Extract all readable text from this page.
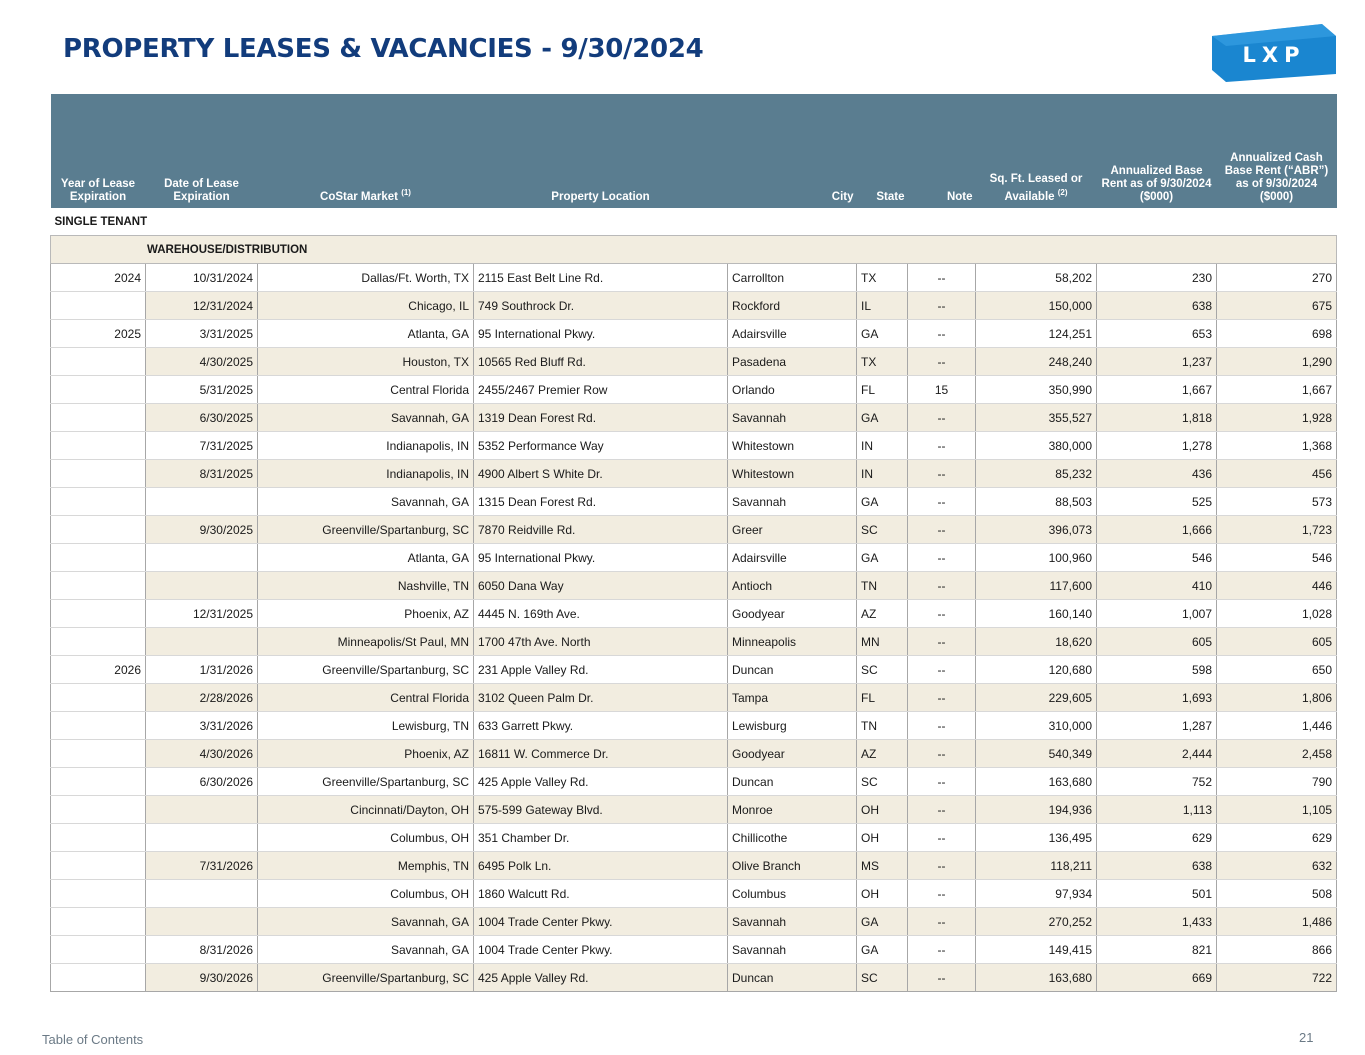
PROPERTY LEASES & VACANCIES - 9/30/2024	LXP
Year of Lease Expiration	Date of Lease Expiration	CoStar Market $^{(1)}$	Property Location	City	State	Note	Sq. Ft. Leased or Available $^{(2)}$	Annualized Base Rent as of 9/30/2024 ($000)	Annualized Cash Base Rent (“ABR”) as of 9/30/2024 ($000)
SINGLE TENANT									
WAREHOUSE/DISTRIBUTION									
2024	10/31/2024	Dallas/Ft. Worth, TX	2115 East Belt Line Rd.	Carrollton	TX	--	58,202	230	270
	12/31/2024	Chicago, IL	749 Southrock Dr.	Rockford	IL	--	150,000	638	675
2025	3/31/2025	Atlanta, GA	95 International Pkwy.	Adairsville	GA	--	124,251	653	698
	4/30/2025	Houston, TX	10565 Red Bluff Rd.	Pasadena	TX	--	248,240	1,237	1,290
	5/31/2025	Central Florida	2455/2467 Premier Row	Orlando	FL	15	350,990	1,667	1,667
	6/30/2025	Savannah, GA	1319 Dean Forest Rd.	Savannah	GA	--	355,527	1,818	1,928
	7/31/2025	Indianapolis, IN	5352 Performance Way	Whitestown	IN	--	380,000	1,278	1,368
	8/31/2025	Indianapolis, IN	4900 Albert S White Dr.	Whitestown	IN	--	85,232	436	456
		Savannah, GA	1315 Dean Forest Rd.	Savannah	GA	--	88,503	525	573
	9/30/2025	Greenville/Spartanburg, SC	7870 Reidville Rd.	Greer	SC	--	396,073	1,666	1,723
		Atlanta, GA	95 International Pkwy.	Adairsville	GA	--	100,960	546	546
		Nashville, TN	6050 Dana Way	Antioch	TN	--	117,600	410	446
	12/31/2025	Phoenix, AZ	4445 N. 169th Ave.	Goodyear	AZ	--	160,140	1,007	1,028
		Minneapolis/St Paul, MN	1700 47th Ave. North	Minneapolis	MN	--	18,620	605	605
2026	1/31/2026	Greenville/Spartanburg, SC	231 Apple Valley Rd.	Duncan	SC	--	120,680	598	650
	2/28/2026	Central Florida	3102 Queen Palm Dr.	Tampa	FL	--	229,605	1,693	1,806
	3/31/2026	Lewisburg, TN	633 Garrett Pkwy.	Lewisburg	TN	--	310,000	1,287	1,446
	4/30/2026	Phoenix, AZ	16811 W. Commerce Dr.	Goodyear	AZ	--	540,349	2,444	2,458
	6/30/2026	Greenville/Spartanburg, SC	425 Apple Valley Rd.	Duncan	SC	--	163,680	752	790
		Cincinnati/Dayton, OH	575-599 Gateway Blvd.	Monroe	OH	--	194,936	1,113	1,105
		Columbus, OH	351 Chamber Dr.	Chillicothe	OH	--	136,495	629	629
	7/31/2026	Memphis, TN	6495 Polk Ln.	Olive Branch	MS	--	118,211	638	632
		Columbus, OH	1860 Walcutt Rd.	Columbus	OH	--	97,934	501	508
		Savannah, GA	1004 Trade Center Pkwy.	Savannah	GA	--	270,252	1,433	1,486
	8/31/2026	Savannah, GA	1004 Trade Center Pkwy.	Savannah	GA	--	149,415	821	866
	9/30/2026	Greenville/Spartanburg, SC	425 Apple Valley Rd.	Duncan	SC	--	163,680	669	722
Table of Contents	21
